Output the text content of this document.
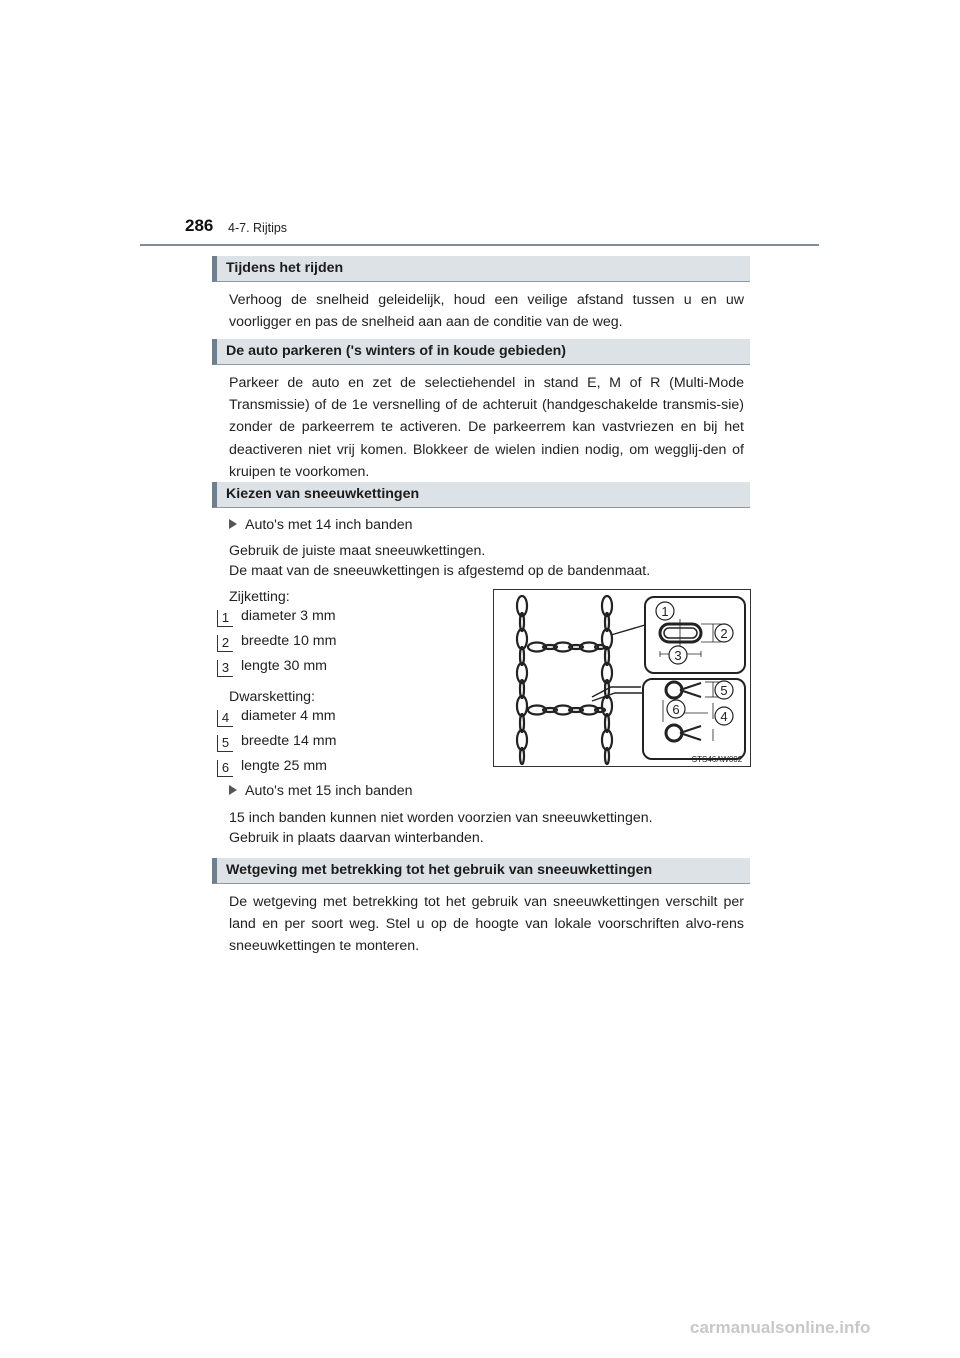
286 4-7. Rijtips
Tijdens het rijden

Verhoog de snelheid geleidelijk, houd een veilige afstand tussen u en uw voorligger en pas de snelheid aan aan de conditie van de weg.

De auto parkeren ('s winters of in koude gebieden)

Parkeer de auto en zet de selectiehendel in stand E, M of R (Multi-Mode Transmissie) of de 1e versnelling of de achteruit (handgeschakelde transmis-sie) zonder de parkeerrem te activeren. De parkeerrem kan vastvriezen en bij het deactiveren niet vrij komen. Blokkeer de wielen indien nodig, om wegglij-den of kruipen te voorkomen.

Kiezen van sneeuwkettingen
Auto's met 14 inch banden
Gebruik de juiste maat sneeuwkettingen.
De maat van de sneeuwkettingen is afgestemd op de bandenmaat.
Zijketting:
1 diameter 3 mm
2 breedte 10 mm
3 lengte 30 mm
Dwarsketting:
4 diameter 4 mm
5 breedte 14 mm
6 lengte 25 mm
Auto's met 15 inch banden
15 inch banden kunnen niet worden voorzien van sneeuwkettingen.
Gebruik in plaats daarvan winterbanden.
1
2
3
4
5
6
STS46AW002
Wetgeving met betrekking tot het gebruik van sneeuwkettingen

De wetgeving met betrekking tot het gebruik van sneeuwkettingen verschilt per land en per soort weg. Stel u op de hoogte van lokale voorschriften alvo-rens sneeuwkettingen te monteren.

carmanualsonline.info
